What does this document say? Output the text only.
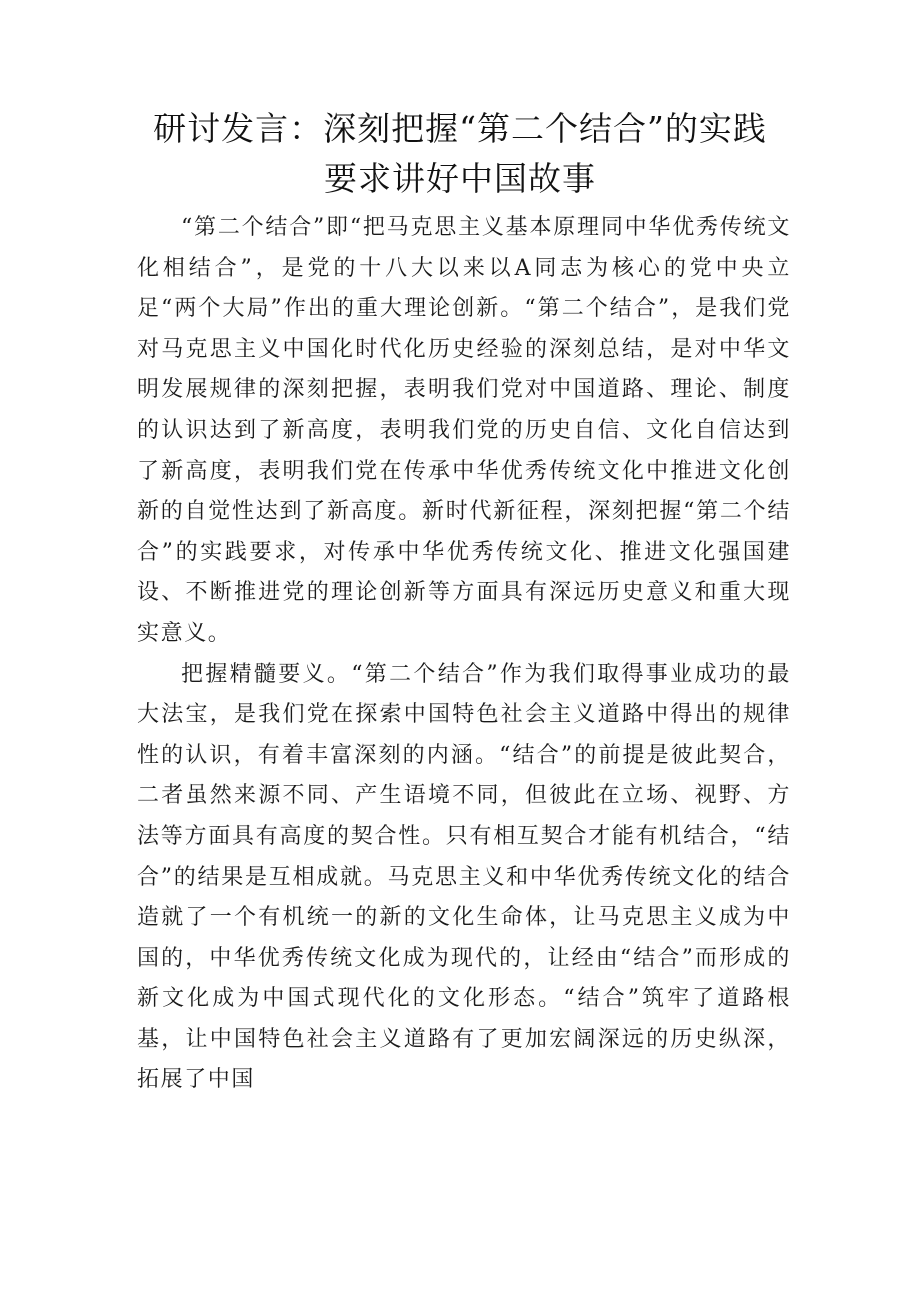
研讨发言：深刻把握“第二个结合”的实践
要求讲好中国故事

“第二个结合”即“把马克思主义基本原理同中华优秀传统文化相结合”，是党的十八大以来以A同志为核心的党中央立足“两个大局”作出的重大理论创新。“第二个结合”，是我们党对马克思主义中国化时代化历史经验的深刻总结，是对中华文明发展规律的深刻把握，表明我们党对中国道路、理论、制度的认识达到了新高度，表明我们党的历史自信、文化自信达到了新高度，表明我们党在传承中华优秀传统文化中推进文化创新的自觉性达到了新高度。新时代新征程，深刻把握“第二个结合”的实践要求，对传承中华优秀传统文化、推进文化强国建设、不断推进党的理论创新等方面具有深远历史意义和重大现实意义。

把握精髓要义。“第二个结合”作为我们取得事业成功的最大法宝，是我们党在探索中国特色社会主义道路中得出的规律性的认识，有着丰富深刻的内涵。“结合”的前提是彼此契合，二者虽然来源不同、产生语境不同，但彼此在立场、视野、方法等方面具有高度的契合性。只有相互契合才能有机结合，“结合”的结果是互相成就。马克思主义和中华优秀传统文化的结合造就了一个有机统一的新的文化生命体，让马克思主义成为中国的，中华优秀传统文化成为现代的，让经由“结合”而形成的新文化成为中国式现代化的文化形态。“结合”筑牢了道路根基，让中国特色社会主义道路有了更加宏阔深远的历史纵深，拓展了中国
